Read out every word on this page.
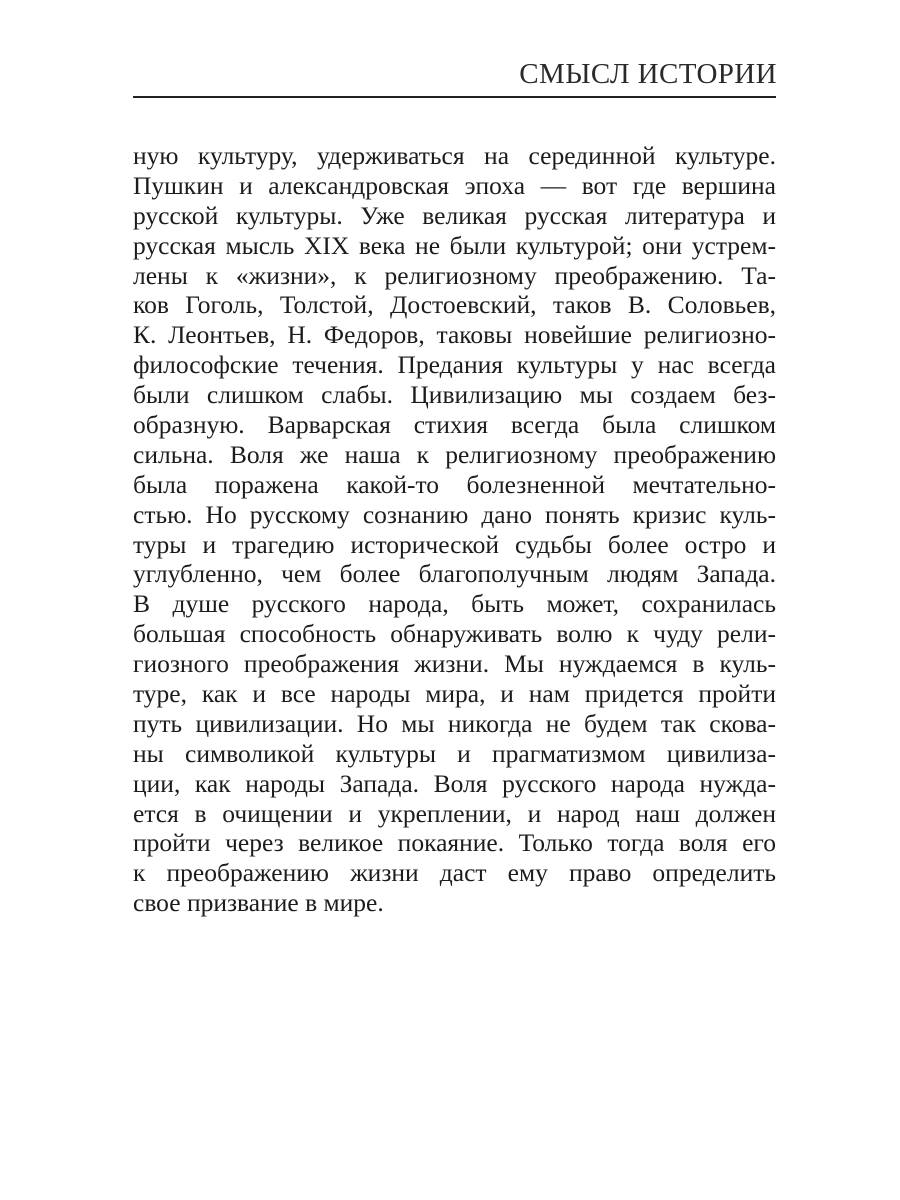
СМЫСЛ ИСТОРИИ
ную культуру, удерживаться на серединной культуре.
Пушкин и александровская эпоха — вот где вершина
русской культуры. Уже великая русская литература и
русская мысль XIX века не были культурой; они устрем-
лены к «жизни», к религиозному преображению. Та-
ков Гоголь, Толстой, Достоевский, таков В. Соловьев,
К. Леонтьев, Н. Федоров, таковы новейшие религиозно-
философские течения. Предания культуры у нас всегда
были слишком слабы. Цивилизацию мы создаем без-
образную. Варварская стихия всегда была слишком
сильна. Воля же наша к религиозному преображению
была поражена какой-то болезненной мечтательно-
стью. Но русскому сознанию дано понять кризис куль-
туры и трагедию исторической судьбы более остро и
углубленно, чем более благополучным людям Запада.
В душе русского народа, быть может, сохранилась
большая способность обнаруживать волю к чуду рели-
гиозного преображения жизни. Мы нуждаемся в куль-
туре, как и все народы мира, и нам придется пройти
путь цивилизации. Но мы никогда не будем так скова-
ны символикой культуры и прагматизмом цивилиза-
ции, как народы Запада. Воля русского народа нужда-
ется в очищении и укреплении, и народ наш должен
пройти через великое покаяние. Только тогда воля его
к преображению жизни даст ему право определить
свое призвание в мире.
